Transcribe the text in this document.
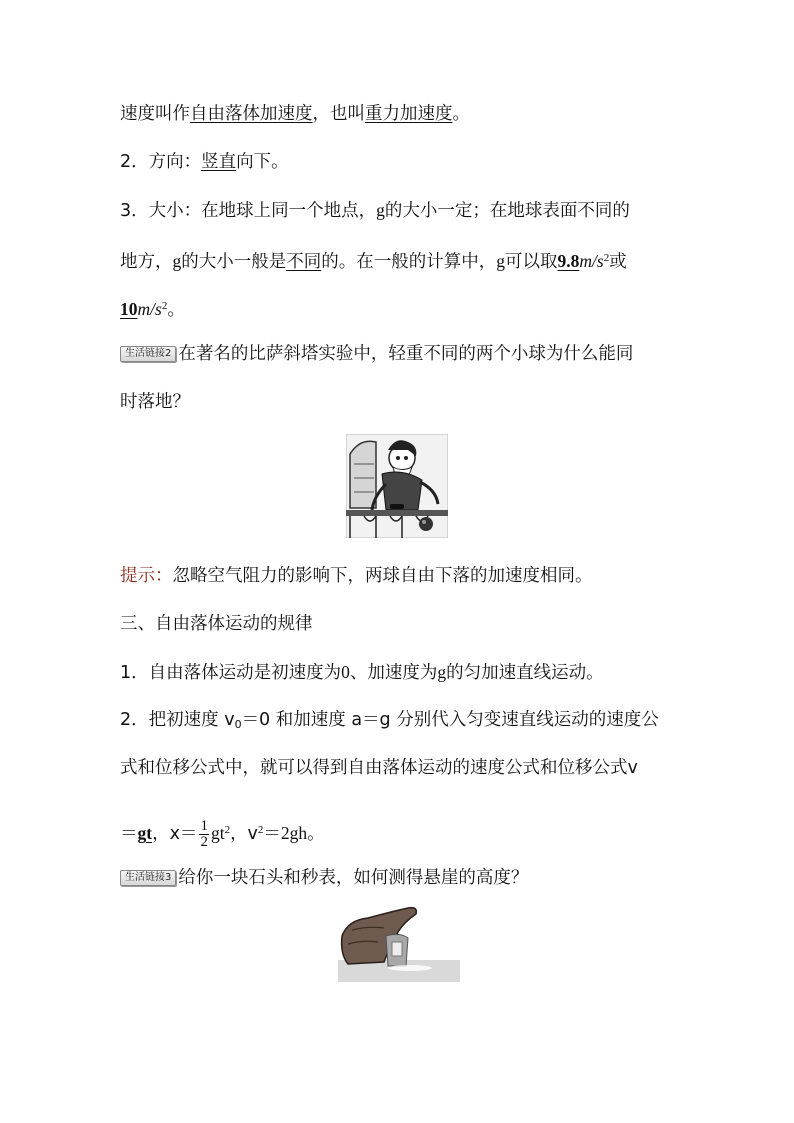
速度叫作自由落体加速度，也叫重力加速度。
2．方向：竖直向下。
3．大小：在地球上同一个地点，g的大小一定；在地球表面不同的
地方，g的大小一般是不同的。在一般的计算中，g可以取$9.8m/s^2$或
$10m/s^2$。
生活链接2 在著名的比萨斜塔实验中，轻重不同的两个小球为什么能同
时落地？
提示：忽略空气阻力的影响下，两球自由下落的加速度相同。
三、自由落体运动的规律
1．自由落体运动是初速度为0、加速度为g的匀加速直线运动。
2．把初速度 $v_0=0$ 和加速度 a＝g 分别代入匀变速直线运动的速度公
式和位移公式中，就可以得到自由落体运动的速度公式和位移公式v
＝gt，$x= \frac{1}{2} gt^2$，$v^2=2gh$。
生活链接3 给你一块石头和秒表，如何测得悬崖的高度？
